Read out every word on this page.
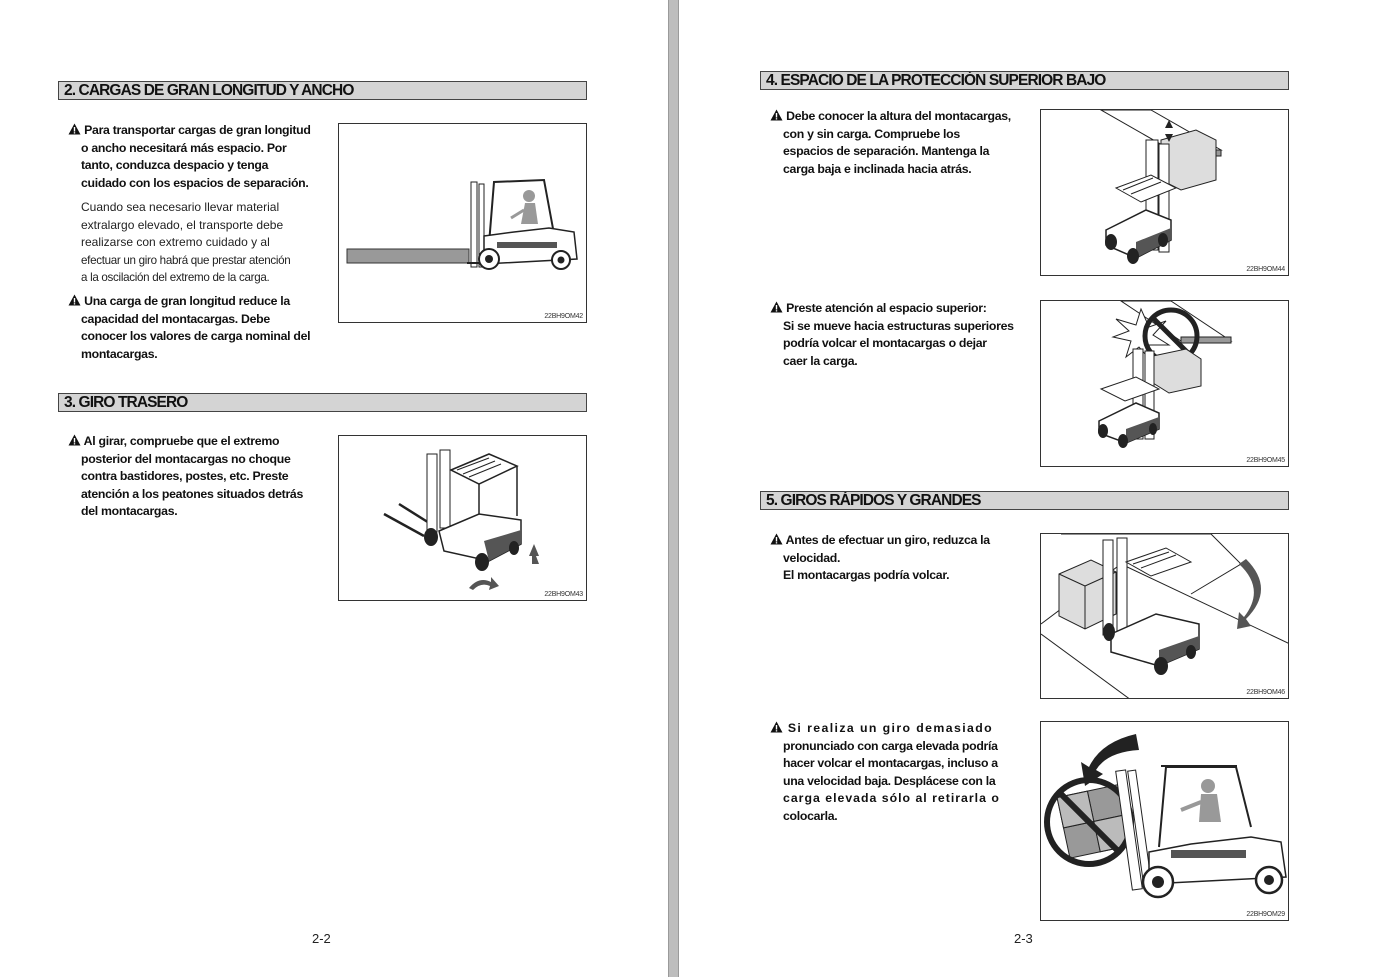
2. CARGAS DE GRAN LONGITUD Y ANCHO
Para transportar cargas de gran longitud
o ancho necesitará más espacio. Por
tanto, conduzca despacio y tenga
cuidado con los espacios de separación.
Cuando sea necesario llevar material
extralargo elevado, el transporte debe
realizarse con extremo cuidado y al
efectuar un giro habrá que prestar atención
a la oscilación del extremo de la carga.
Una carga de gran longitud reduce la
capacidad del montacargas. Debe
conocer los valores de carga nominal del
montacargas.
22BH9OM42
3. GIRO TRASERO
Al girar, compruebe que el extremo
posterior del montacargas no choque
contra bastidores, postes, etc. Preste
atención a los peatones situados detrás
del montacargas.
22BH9OM43
2-2
4. ESPACIO DE LA PROTECCIÓN SUPERIOR BAJO
Debe conocer la altura del montacargas,
con y sin carga. Compruebe los
espacios de separación. Mantenga la
carga baja e inclinada hacia atrás.
22BH9OM44
Preste atención al espacio superior:
Si se mueve hacia estructuras superiores
podría volcar el montacargas o dejar
caer la carga.
22BH9OM45
5. GIROS RÁPIDOS Y GRANDES
Antes de efectuar un giro, reduzca la
velocidad.
El montacargas podría volcar.
22BH9OM46
Si realiza un giro demasiado
pronunciado con carga elevada podría
hacer volcar el montacargas, incluso a
una velocidad baja. Desplácese con la
carga elevada sólo al retirarla o
colocarla.
22BH9OM29
2-3
